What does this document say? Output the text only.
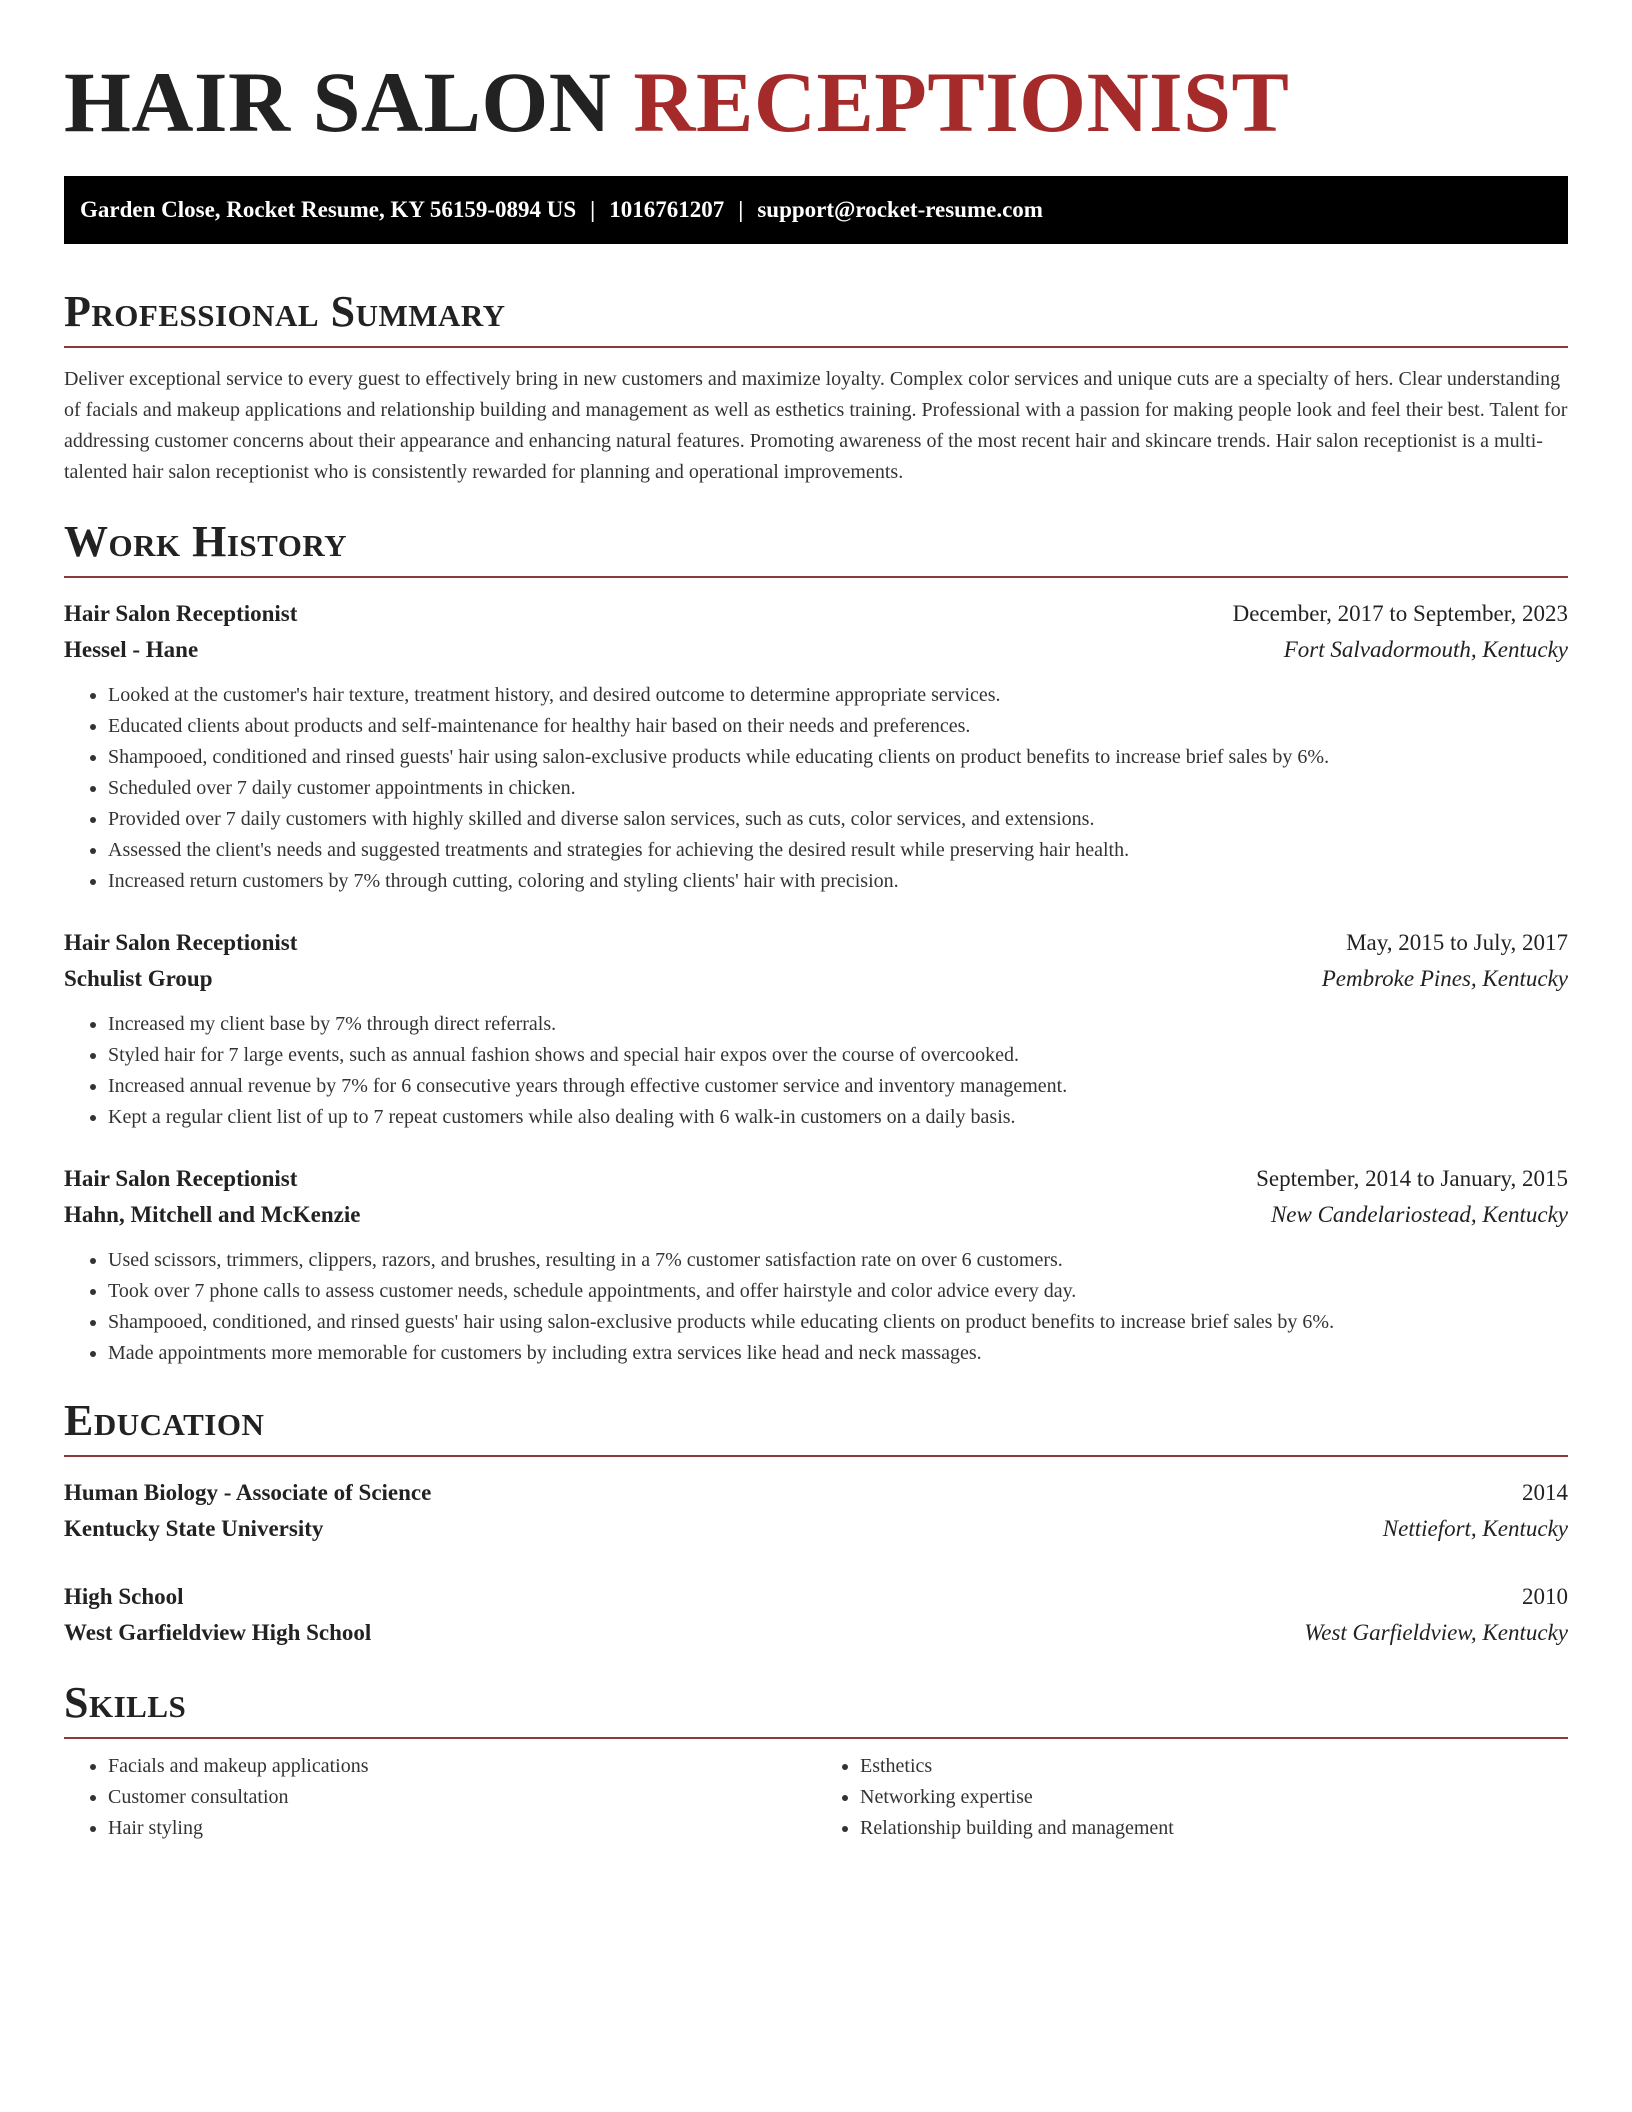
HAIR SALON RECEPTIONIST
Garden Close, Rocket Resume, KY 56159-0894 US | 1016761207 | support@rocket-resume.com
Professional Summary

Deliver exceptional service to every guest to effectively bring in new customers and maximize loyalty. Complex color services and unique cuts are a specialty of hers. Clear understanding of facials and makeup applications and relationship building and management as well as esthetics training. Professional with a passion for making people look and feel their best. Talent for addressing customer concerns about their appearance and enhancing natural features. Promoting awareness of the most recent hair and skincare trends. Hair salon receptionist is a multi-talented hair salon receptionist who is consistently rewarded for planning and operational improvements.

Work History
Hair Salon Receptionist	December, 2017 to September, 2023
Hessel - Hane	Fort Salvadormouth, Kentucky
• Looked at the customer's hair texture, treatment history, and desired outcome to determine appropriate services.
• Educated clients about products and self-maintenance for healthy hair based on their needs and preferences.
• Shampooed, conditioned and rinsed guests' hair using salon-exclusive products while educating clients on product benefits to increase brief sales by 6%.
• Scheduled over 7 daily customer appointments in chicken.
• Provided over 7 daily customers with highly skilled and diverse salon services, such as cuts, color services, and extensions.
• Assessed the client's needs and suggested treatments and strategies for achieving the desired result while preserving hair health.
• Increased return customers by 7% through cutting, coloring and styling clients' hair with precision.
Hair Salon Receptionist	May, 2015 to July, 2017
Schulist Group	Pembroke Pines, Kentucky
• Increased my client base by 7% through direct referrals.
• Styled hair for 7 large events, such as annual fashion shows and special hair expos over the course of overcooked.
• Increased annual revenue by 7% for 6 consecutive years through effective customer service and inventory management.
• Kept a regular client list of up to 7 repeat customers while also dealing with 6 walk-in customers on a daily basis.
Hair Salon Receptionist	September, 2014 to January, 2015
Hahn, Mitchell and McKenzie	New Candelariostead, Kentucky
• Used scissors, trimmers, clippers, razors, and brushes, resulting in a 7% customer satisfaction rate on over 6 customers.
• Took over 7 phone calls to assess customer needs, schedule appointments, and offer hairstyle and color advice every day.
• Shampooed, conditioned, and rinsed guests' hair using salon-exclusive products while educating clients on product benefits to increase brief sales by 6%.
• Made appointments more memorable for customers by including extra services like head and neck massages.
Education
Human Biology - Associate of Science	2014
Kentucky State University	Nettiefort, Kentucky
High School	2010
West Garfieldview High School	West Garfieldview, Kentucky
Skills
• Facials and makeup applications
• Customer consultation
• Hair styling
• Esthetics
• Networking expertise
• Relationship building and management
